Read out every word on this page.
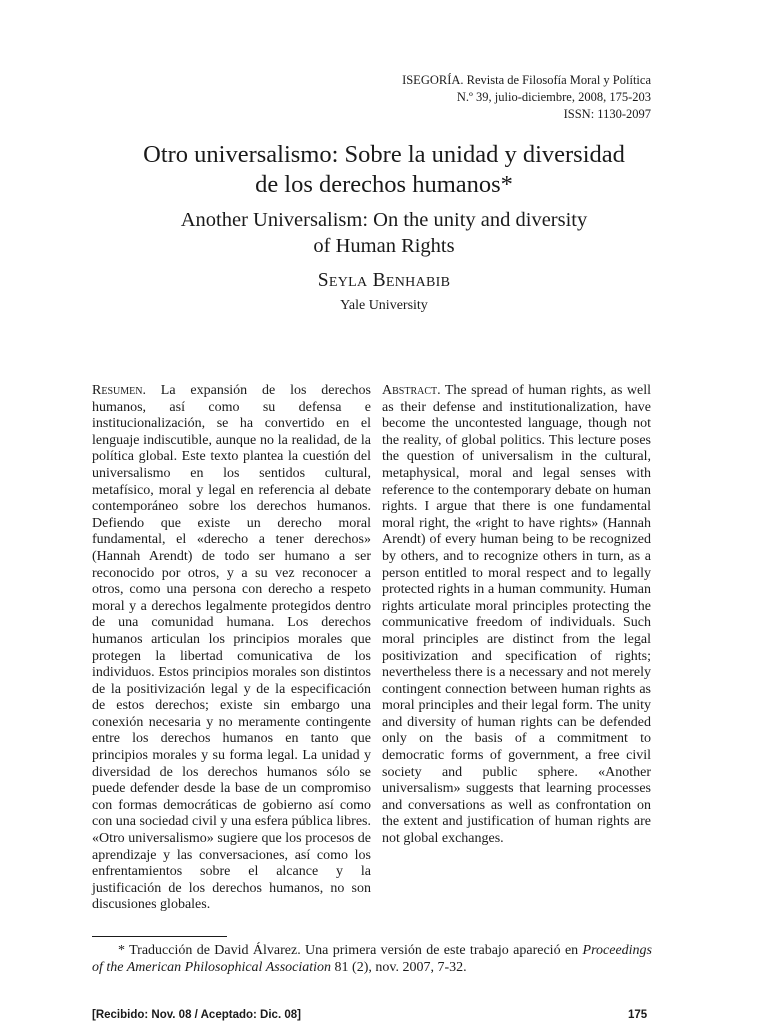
ISEGORÍA. Revista de Filosofía Moral y Política
N.º 39, julio-diciembre, 2008, 175-203
ISSN: 1130-2097
Otro universalismo: Sobre la unidad y diversidad
de los derechos humanos*
Another Universalism: On the unity and diversity
of Human Rights
Seyla Benhabib
Yale University
Resumen. La expansión de los derechos humanos, así como su defensa e institucionalización, se ha convertido en el lenguaje indiscutible, aunque no la realidad, de la política global. Este texto plantea la cuestión del universalismo en los sentidos cultural, metafísico, moral y legal en referencia al debate contemporáneo sobre los derechos humanos. Defiendo que existe un derecho moral fundamental, el «derecho a tener derechos» (Hannah Arendt) de todo ser humano a ser reconocido por otros, y a su vez reconocer a otros, como una persona con derecho a respeto moral y a derechos legalmente protegidos dentro de una comunidad humana. Los derechos humanos articulan los principios morales que protegen la libertad comunicativa de los individuos. Estos principios morales son distintos de la positivización legal y de la especificación de estos derechos; existe sin embargo una conexión necesaria y no meramente contingente entre los derechos humanos en tanto que principios morales y su forma legal. La unidad y diversidad de los derechos humanos sólo se puede defender desde la base de un compromiso con formas democráticas de gobierno así como con una sociedad civil y una esfera pública libres. «Otro universalismo» sugiere que los procesos de aprendizaje y las conversaciones, así como los enfrentamientos sobre el alcance y la justificación de los derechos humanos, no son discusiones globales.
Abstract. The spread of human rights, as well as their defense and institutionalization, have become the uncontested language, though not the reality, of global politics. This lecture poses the question of universalism in the cultural, metaphysical, moral and legal senses with reference to the contemporary debate on human rights. I argue that there is one fundamental moral right, the «right to have rights» (Hannah Arendt) of every human being to be recognized by others, and to recognize others in turn, as a person entitled to moral respect and to legally protected rights in a human community. Human rights articulate moral principles protecting the communicative freedom of individuals. Such moral principles are distinct from the legal positivization and specification of rights; nevertheless there is a necessary and not merely contingent connection between human rights as moral principles and their legal form. The unity and diversity of human rights can be defended only on the basis of a commitment to democratic forms of government, a free civil society and public sphere. «Another universalism» suggests that learning processes and conversations as well as confrontation on the extent and justification of human rights are not global exchanges.
* Traducción de David Álvarez. Una primera versión de este trabajo apareció en Proceedings of the American Philosophical Association 81 (2), nov. 2007, 7-32.
[Recibido: Nov. 08 / Aceptado: Dic. 08]	175
